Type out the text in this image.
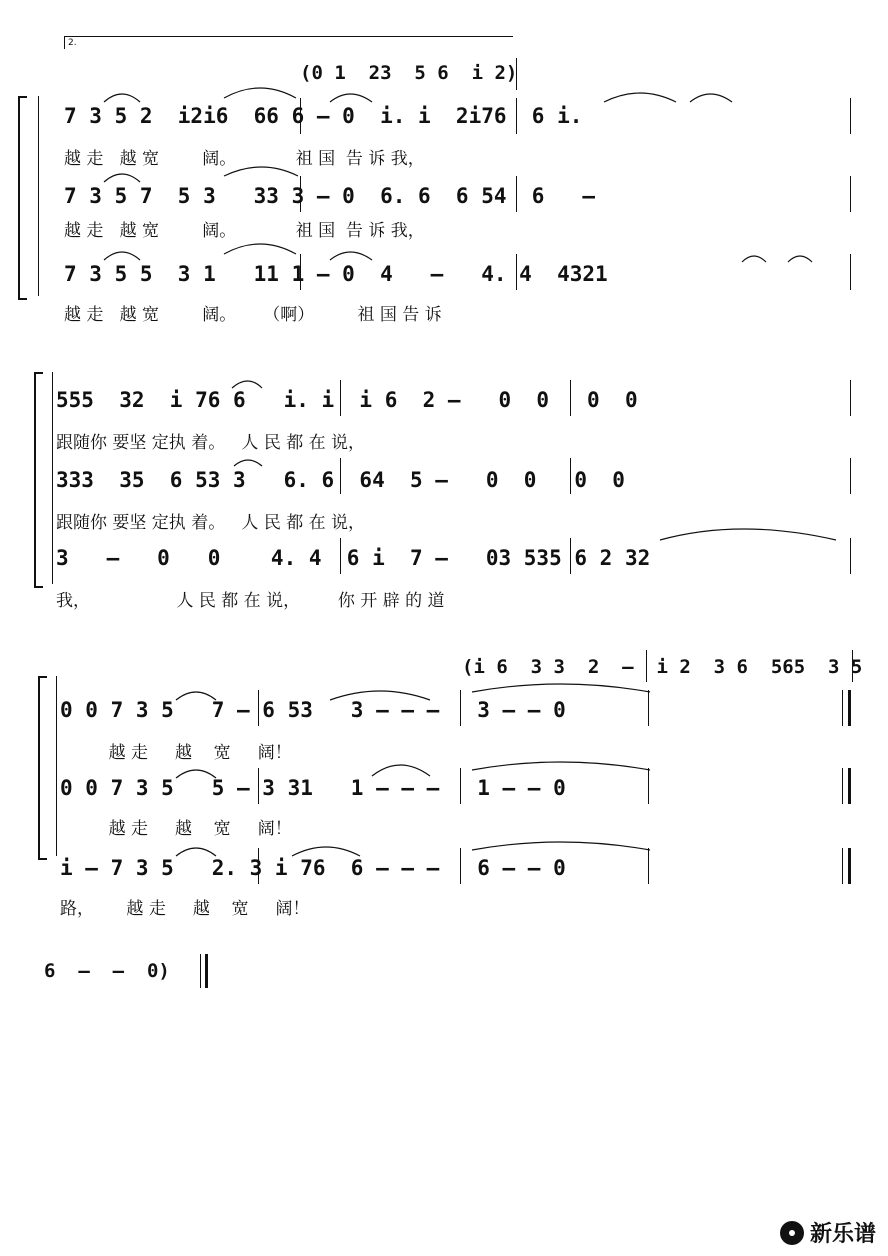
2.
(0 1  23  5 6  i 2)
7 3 5 2  i2i6  66 6 – 0  i. i  2i76  6 i.
越 走   越 宽        阔。           祖 国  告 诉 我，
7 3 5 7  5 3   33 3 – 0  6. 6  6 54  6   –
越 走   越 宽        阔。           祖 国  告 诉 我，
7 3 5 5  3 1   11 1 – 0  4   –   4. 4  4321
越 走   越 宽        阔。     （啊）        祖 国 告 诉
555  32  i 76 6   i. i  i 6  2 –   0  0   0  0
跟随你 要坚 定执 着。   人 民 都 在 说，
333  35  6 53 3   6. 6  64  5 –   0  0   0  0
跟随你 要坚 定执 着。   人 民 都 在 说，
3   –   0   0    4. 4  6 i  7 –   03 535 6 2 32
我，                人 民 都 在 说，       你 开 辟 的 道
(i 6  3 3  2  –  i 2  3 6  565  3 5
0 0 7 3 5   7 – 6 53   3 – – –   3 – – 0
越 走     越    宽     阔！
0 0 7 3 5   5 – 3 31   1 – – –   1 – – 0
越 走     越    宽     阔！
i – 7 3 5   2. 3 i 76  6 – – –   6 – – 0
路，      越 走     越    宽     阔！
6  –  –  0)
新乐谱
